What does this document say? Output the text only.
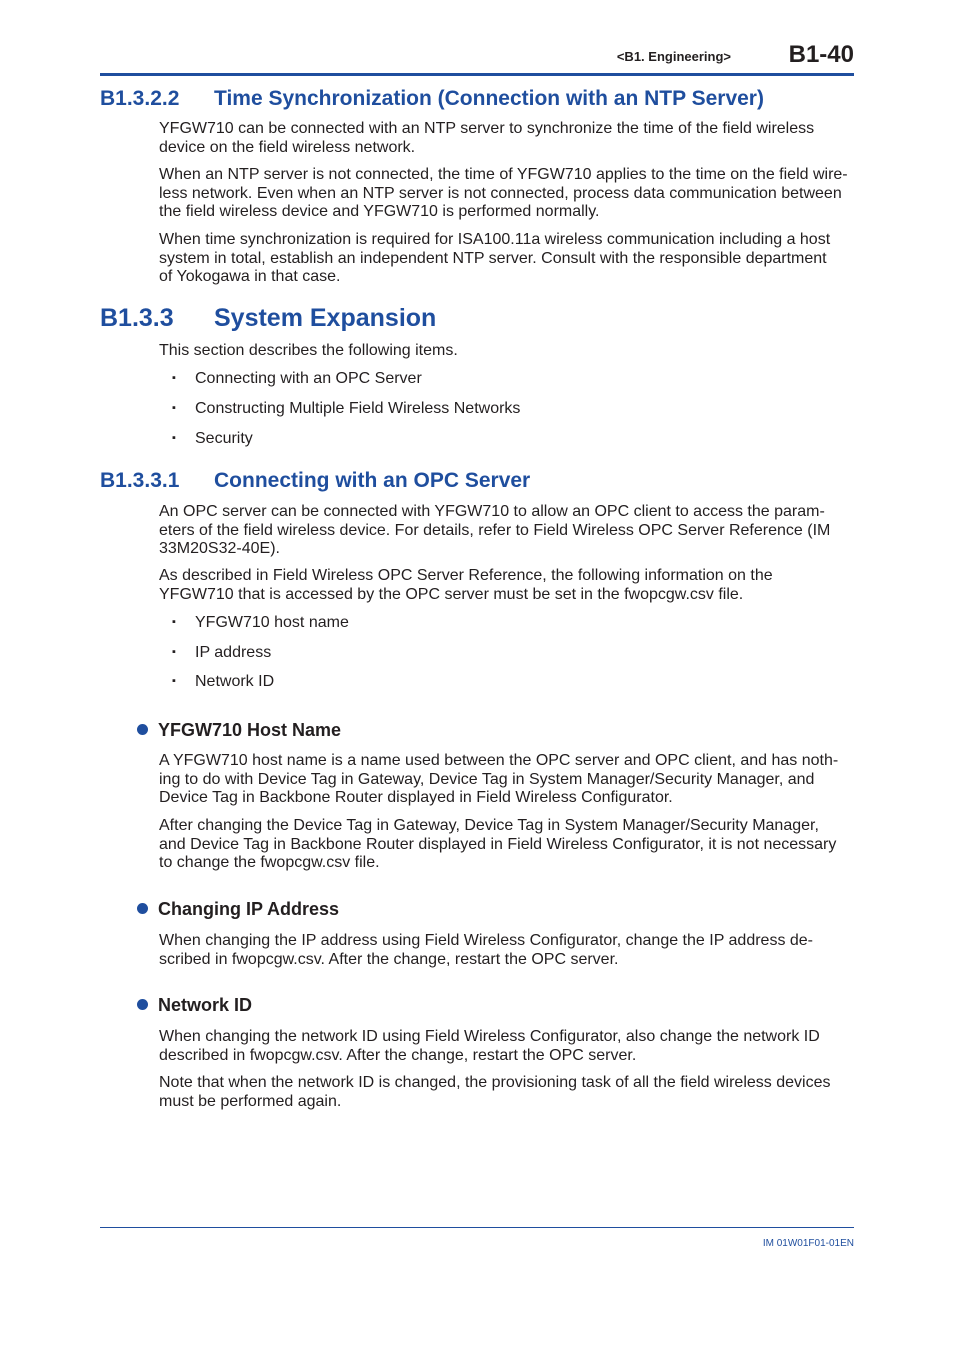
<B1. Engineering> B1-40
B1.3.2.2 Time Synchronization (Connection with an NTP Server)
YFGW710 can be connected with an NTP server to synchronize the time of the field wireless
device on the field wireless network.
When an NTP server is not connected, the time of YFGW710 applies to the time on the field wire-
less network. Even when an NTP server is not connected, process data communication between
the field wireless device and YFGW710 is performed normally.
When time synchronization is required for ISA100.11a wireless communication including a host
system in total, establish an independent NTP server. Consult with the responsible department
of Yokogawa in that case.
B1.3.3 System Expansion
This section describes the following items.
▪ Connecting with an OPC Server
▪ Constructing Multiple Field Wireless Networks
▪ Security
B1.3.3.1 Connecting with an OPC Server
An OPC server can be connected with YFGW710 to allow an OPC client to access the param-
eters of the field wireless device. For details, refer to Field Wireless OPC Server Reference (IM
33M20S32-40E).
As described in Field Wireless OPC Server Reference, the following information on the
YFGW710 that is accessed by the OPC server must be set in the fwopcgw.csv file.
▪ YFGW710 host name
▪ IP address
▪ Network ID
YFGW710 Host Name
A YFGW710 host name is a name used between the OPC server and OPC client, and has noth-
ing to do with Device Tag in Gateway, Device Tag in System Manager/Security Manager, and
Device Tag in Backbone Router displayed in Field Wireless Configurator.
After changing the Device Tag in Gateway, Device Tag in System Manager/Security Manager,
and Device Tag in Backbone Router displayed in Field Wireless Configurator, it is not necessary
to change the fwopcgw.csv file.
Changing IP Address
When changing the IP address using Field Wireless Configurator, change the IP address de-
scribed in fwopcgw.csv. After the change, restart the OPC server.
Network ID
When changing the network ID using Field Wireless Configurator, also change the network ID
described in fwopcgw.csv. After the change, restart the OPC server.
Note that when the network ID is changed, the provisioning task of all the field wireless devices
must be performed again.
IM 01W01F01-01EN
